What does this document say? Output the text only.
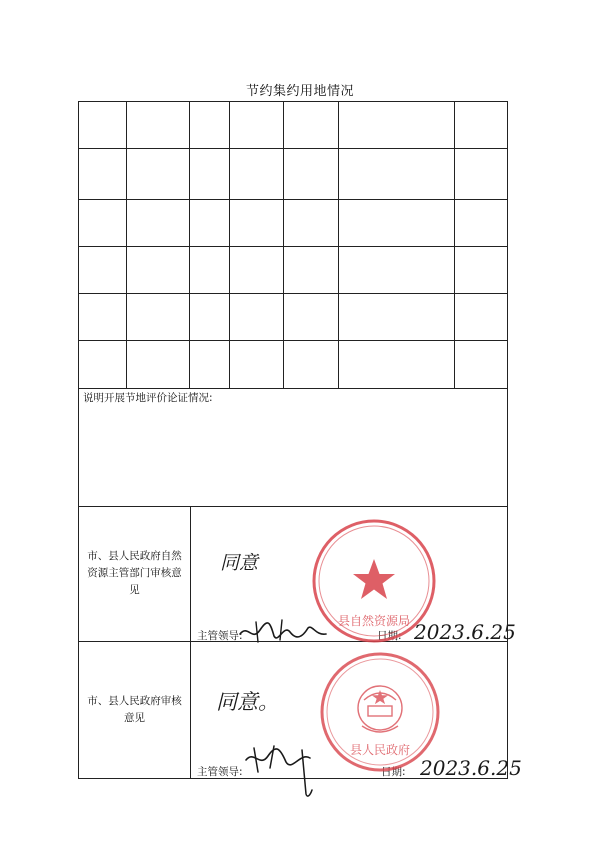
节约集约用地情况
说明开展节地评价论证情况:
市、县人民政府自然资源主管部门审核意见
主管领导:	日期:
市、县人民政府审核意见
主管领导:	日期:
同意
2023.6.25
同意。
2023.6.25
县自然资源局
县人民政府
